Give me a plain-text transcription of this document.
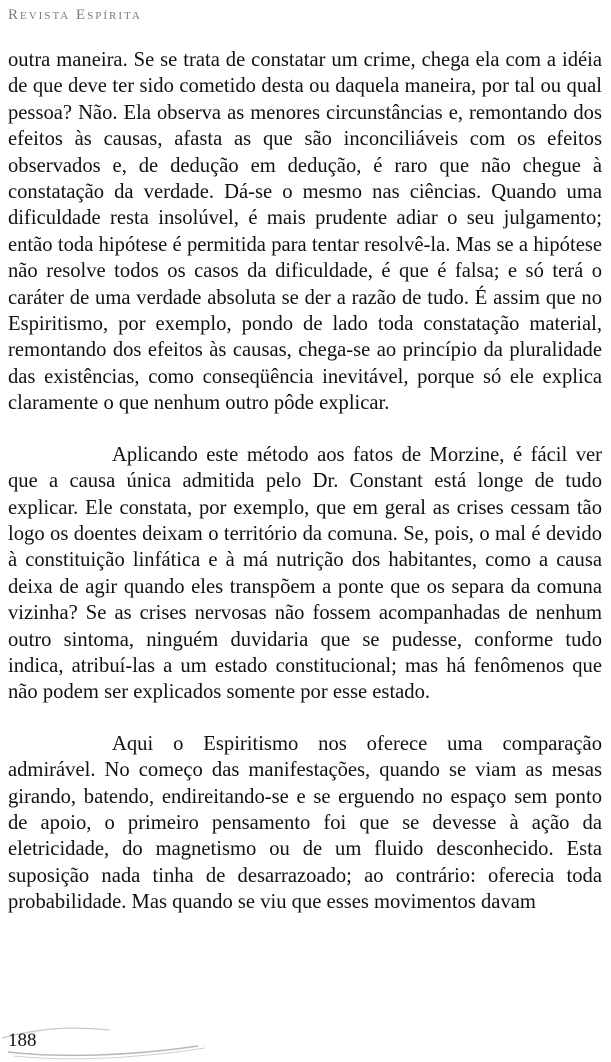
Revista Espírita

outra maneira. Se se trata de constatar um crime, chega ela com a idéia de que deve ter sido cometido desta ou daquela maneira, por tal ou qual pessoa? Não. Ela observa as menores circunstâncias e, remontando dos efeitos às causas, afasta as que são inconciliáveis com os efeitos observados e, de dedução em dedução, é raro que não chegue à constatação da verdade. Dá-se o mesmo nas ciências. Quando uma dificuldade resta insolúvel, é mais prudente adiar o seu julgamento; então toda hipótese é permitida para tentar resolvê-la. Mas se a hipótese não resolve todos os casos da dificuldade, é que é falsa; e só terá o caráter de uma verdade absoluta se der a razão de tudo. É assim que no Espiritismo, por exemplo, pondo de lado toda constatação material, remontando dos efeitos às causas, chega-se ao princípio da pluralidade das existências, como conseqüência inevitável, porque só ele explica claramente o que nenhum outro pôde explicar.

Aplicando este método aos fatos de Morzine, é fácil ver que a causa única admitida pelo Dr. Constant está longe de tudo explicar. Ele constata, por exemplo, que em geral as crises cessam tão logo os doentes deixam o território da comuna. Se, pois, o mal é devido à constituição linfática e à má nutrição dos habitantes, como a causa deixa de agir quando eles transpõem a ponte que os separa da comuna vizinha? Se as crises nervosas não fossem acompanhadas de nenhum outro sintoma, ninguém duvidaria que se pudesse, conforme tudo indica, atribuí-las a um estado constitucional; mas há fenômenos que não podem ser explicados somente por esse estado.

Aqui o Espiritismo nos oferece uma comparação admirável. No começo das manifestações, quando se viam as mesas girando, batendo, endireitando-se e se erguendo no espaço sem ponto de apoio, o primeiro pensamento foi que se devesse à ação da eletricidade, do magnetismo ou de um fluido desconhecido. Esta suposição nada tinha de desarrazoado; ao contrário: oferecia toda probabilidade. Mas quando se viu que esses movimentos davam

188
